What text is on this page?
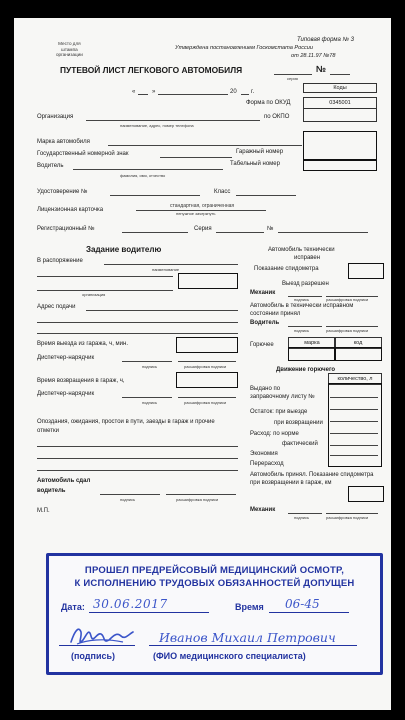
Место для
штампа
организации
Типовая форма № 3
Утверждена постановлением Госкомстата России
от 28.11.97 №78
ПУТЕВОЙ ЛИСТ ЛЕГКОВОГО АВТОМОБИЛЯ	№
серия
Коды
«	»	20 г.
Форма по ОКУД	0345001
Организация	по ОКПО
наименование, адрес, номер телефона
Марка автомобиля
Государственный номерной знак	Гаражный номер
Водитель	Табельный номер
фамилия, имя, отчество
Удостоверение №	Класс
Лицензионная карточка
стандартная, ограниченная
ненужное зачеркнуть
Регистрационный №	Серия	№
Задание водителю
В распоряжение
наименование
организация
Адрес подачи
Время выезда из гаража, ч, мин.
Диспетчер-нарядчик
подпись	расшифровка подписи
Время возвращения в гараж, ч,
Диспетчер-нарядчик
подпись	расшифровка подписи
Опоздания, ожидания, простои в пути, заезды в гараж и прочие отметки
Автомобиль сдал
водитель
подпись	расшифровка подписи
М.П.
Автомобиль технически
исправен
Показание спидометра
Выезд разрешен
Механик
подпись	расшифровка подписи
Автомобиль в технически исправном состоянии принял
Водитель
подпись	расшифровка подписи
Горючее	марка	код
Движение горючего
количество, л
Выдано по заправочному листу №
Остаток: при выезде
при возвращении
Расход: по норме
фактический
Экономия
Перерасход
Автомобиль принял. Показание спидометра при возвращении в гараж, км
Механик
подпись	расшифровка подписи
ПРОШЕЛ ПРЕДРЕЙСОВЫЙ МЕДИЦИНСКИЙ ОСМОТР,
К ИСПОЛНЕНИЮ ТРУДОВЫХ ОБЯЗАННОСТЕЙ ДОПУЩЕН
Дата: 30.06.2017	Время 06-45
Иванов Михаил Петрович
(подпись)	(ФИО медицинского специалиста)
